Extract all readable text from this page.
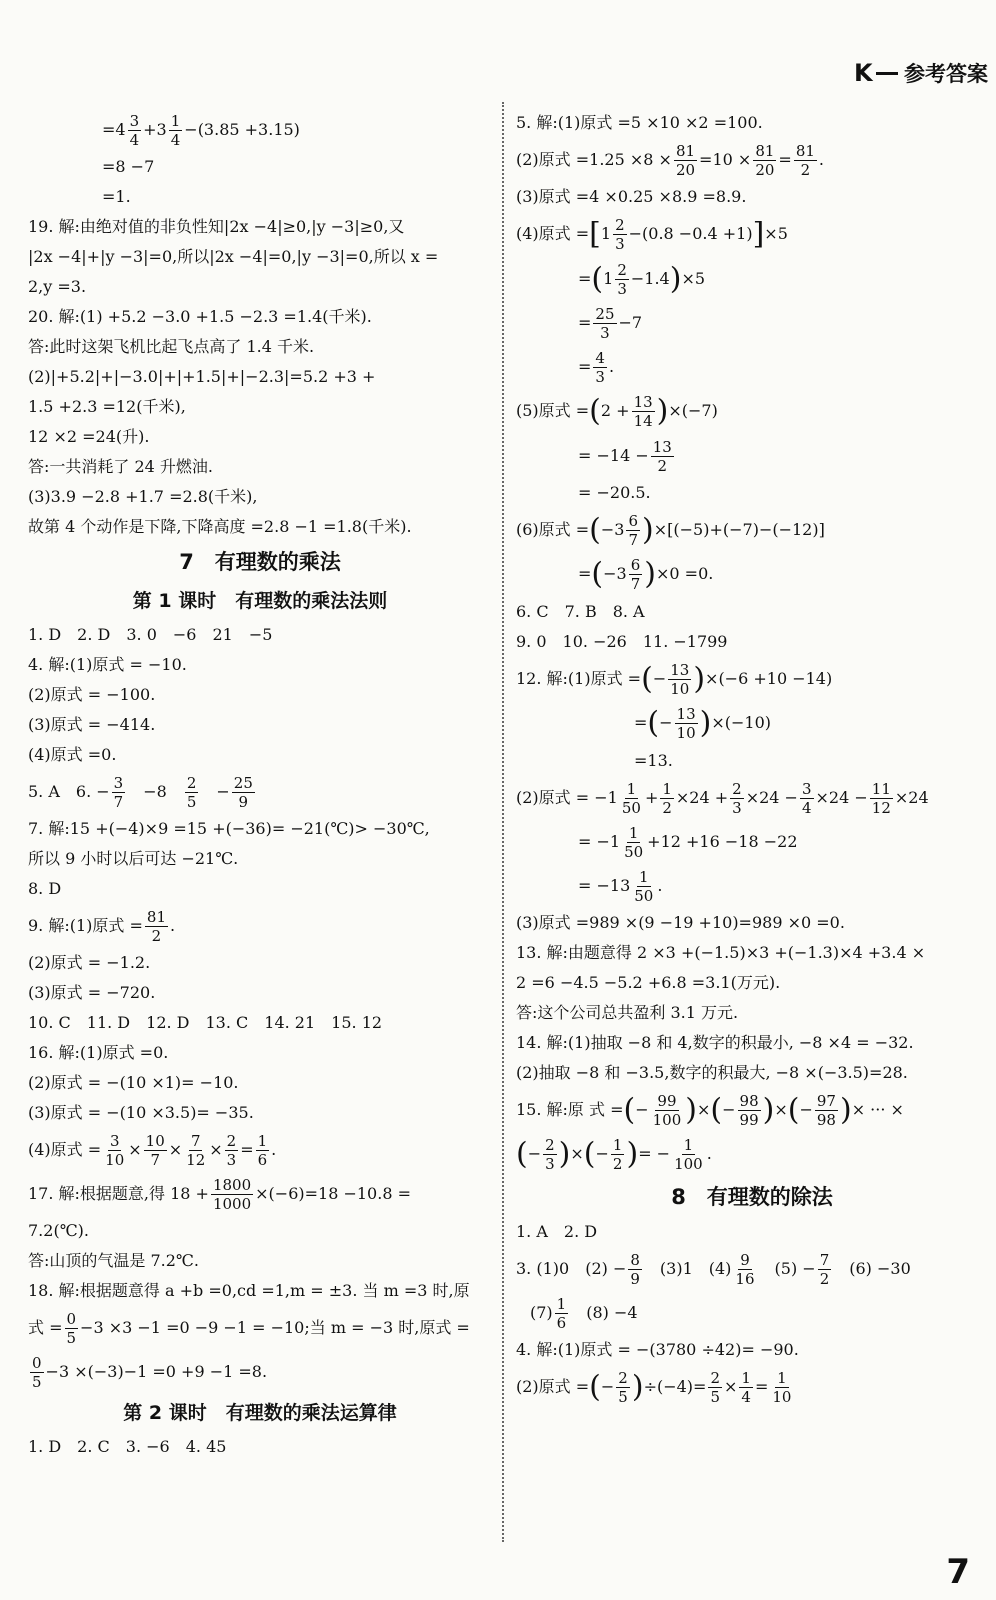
K 参考答案
$=4 \frac{3}{4} +3 \frac{1}{4} -(3.85 +3.15)$
=8 −7
=1.
19. 解:由绝对值的非负性知|2x −4|≥0,|y −3|≥0,又
|2x −4|+|y −3|=0,所以|2x −4|=0,|y −3|=0,所以 x =
2,y =3.
20. 解:(1) +5.2 −3.0 +1.5 −2.3 =1.4(千米).
答:此时这架飞机比起飞点高了 1.4 千米.
(2)|+5.2|+|−3.0|+|+1.5|+|−2.3|=5.2 +3 +
1.5 +2.3 =12(千米),
12 ×2 =24(升).
答:一共消耗了 24 升燃油.
(3)3.9 −2.8 +1.7 =2.8(千米),
故第 4 个动作是下降,下降高度 =2.8 −1 =1.8(千米).
7　有理数的乘法
第 1 课时　有理数的乘法法则
1. D　2. D　3. 0　−6　21　−5
4. 解:(1)原式 = −10.
(2)原式 = −100.
(3)原式 = −414.
(4)原式 =0.
5. A　6. − $\frac{3}{7}$ 　−8　 $\frac{2}{5}$ 　− $\frac{25}{9}$
7. 解:15 +(−4)×9 =15 +(−36)= −21(℃)> −30℃,
所以 9 小时以后可达 −21℃.
8. D
9. 解:(1)原式 = $\frac{81}{2}$ .
(2)原式 = −1.2.
(3)原式 = −720.
10. C　11. D　12. D　13. C　14. 21　15. 12
16. 解:(1)原式 =0.
(2)原式 = −(10 ×1)= −10.
(3)原式 = −(10 ×3.5)= −35.
(4)原式 = $\frac{3}{10} \times \frac{10}{7} \times \frac{7}{12} \times \frac{2}{3} = \frac{1}{6}$ .
17. 解:根据题意,得 $18 + \frac{1800}{1000} \times(-6)=18 -10.8$ =
7.2(℃).
答:山顶的气温是 7.2℃.
18. 解:根据题意得 a +b =0,cd =1,m = ±3. 当 m =3 时,原
式 = $\frac{0}{5} -3 \times 3 -1 =0 -9 -1 = -10$;当 m = −3 时,原式 =
$\frac{0}{5} -3 \times(-3)-1 =0 +9 -1 =8$.
第 2 课时　有理数的乘法运算律
1. D　2. C　3. −6　4. 45
5. 解:(1)原式 =5 ×10 ×2 =100.
(2)原式 $=1.25 \times 8 \times \frac{81}{20} =10 \times \frac{81}{20} = \frac{81}{2}$ .
(3)原式 =4 ×0.25 ×8.9 =8.9.
(4)原式 $=[1 \frac{2}{3} -(0.8 -0.4 +1)]\times 5$
$=(1 \frac{2}{3} -1.4)\times 5$
= $\frac{25}{3} -7$
= $\frac{4}{3}$ .
(5)原式 $=(2 + \frac{13}{14} )\times(-7)$
= $-14 - \frac{13}{2}$
= −20.5.
(6)原式 $=(-3 \frac{6}{7} )\times[(-5)+(-7)-(-12)]$
$=(-3 \frac{6}{7} )\times 0 =0$.
6. C　7. B　8. A
9. 0　10. −26　11. −1799
12. 解:(1)原式 =(− $\frac{13}{10} )\times(-6 +10 -14)$
=(− $\frac{13}{10} )\times(-10)$
=13.
(2)原式 = $-1 \frac{1}{50} + \frac{1}{2} \times 24 + \frac{2}{3} \times 24 - \frac{3}{4} \times 24 - \frac{11}{12} \times 24$
= $-1 \frac{1}{50} +12 +16 -18 -22$
= $-13 \frac{1}{50}$ .
(3)原式 =989 ×(9 −19 +10)=989 ×0 =0.
13. 解:由题意得 2 ×3 +(−1.5)×3 +(−1.3)×4 +3.4 ×
2 =6 −4.5 −5.2 +6.8 =3.1(万元).
答:这个公司总共盈利 3.1 万元.
14. 解:(1)抽取 −8 和 4,数字的积最小, −8 ×4 = −32.
(2)抽取 −8 和 −3.5,数字的积最大, −8 ×(−3.5)=28.
15. 解:原 式 =(− $\frac{99}{100}$ )×(− $\frac{98}{99}$ )×(− $\frac{97}{98}$ )× ··· ×
(− $\frac{2}{3}$ )×(− $\frac{1}{2}$ )= − $\frac{1}{100}$ .
8　有理数的除法
1. A　2. D
3. (1)0　$(2) - \frac{8}{9}$ 　(3)1　$(4) \frac{9}{16}$ 　$(5) - \frac{7}{2}$ 　(6) −30
$(7) \frac{1}{6}$ 　(8) −4
4. 解:(1)原式 = −(3780 ÷42)= −90.
(2)原式 =(− $\frac{2}{5} )\div(-4)= \frac{2}{5} \times \frac{1}{4} = \frac{1}{10}$
7
